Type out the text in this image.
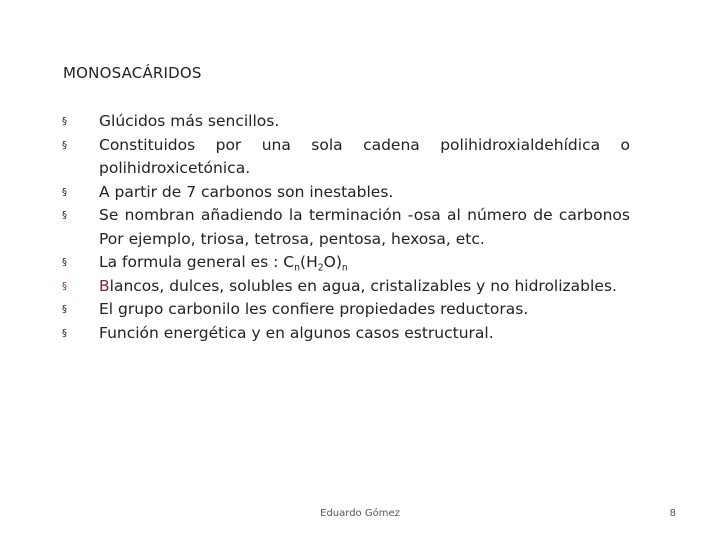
MONOSACÁRIDOS
§ Glúcidos más sencillos.
§ Constituidos por una sola cadena polihidroxialdehídica o polihidroxicetónica.
§ A partir de 7 carbonos son inestables.
§ Se nombran añadiendo la terminación -osa al número de carbonos Por ejemplo, triosa, tetrosa, pentosa, hexosa, etc.
§ La formula general es : $C_n(H_2O)_n$
§ Blancos, dulces, solubles en agua, cristalizables y no hidrolizables.
§ El grupo carbonilo les confiere propiedades reductoras.
§ Función energética y en algunos casos estructural.
Eduardo Gómez	8
